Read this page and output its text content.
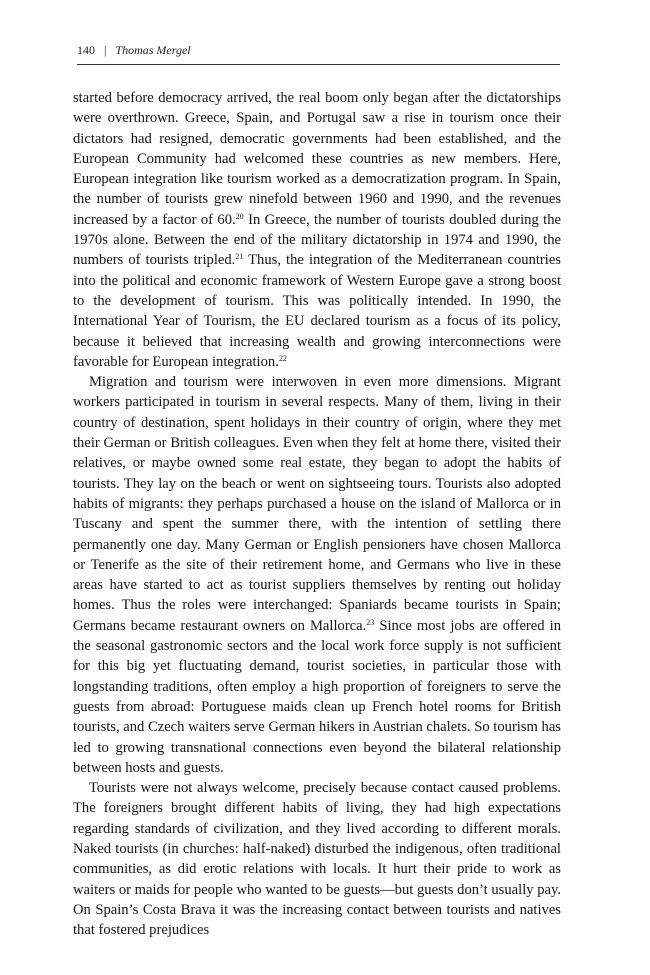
140 | Thomas Mergel

started before democracy arrived, the real boom only began after the dictatorships were overthrown. Greece, Spain, and Portugal saw a rise in tourism once their dictators had resigned, democratic governments had been established, and the European Community had welcomed these countries as new members. Here, European integration like tourism worked as a democratization program. In Spain, the number of tourists grew ninefold between 1960 and 1990, and the revenues increased by a factor of 60.20 In Greece, the number of tourists doubled during the 1970s alone. Between the end of the military dictatorship in 1974 and 1990, the numbers of tourists tripled.$^{21}$ Thus, the integration of the Mediterranean countries into the political and economic framework of Western Europe gave a strong boost to the development of tourism. This was politically intended. In 1990, the International Year of Tourism, the EU declared tourism as a focus of its policy, because it believed that increasing wealth and growing interconnections were favorable for European integration.$^{22}$

Migration and tourism were interwoven in even more dimensions. Migrant workers participated in tourism in several respects. Many of them, living in their country of destination, spent holidays in their country of origin, where they met their German or British colleagues. Even when they felt at home there, visited their relatives, or maybe owned some real estate, they began to adopt the habits of tourists. They lay on the beach or went on sightseeing tours. Tourists also adopted habits of migrants: they perhaps purchased a house on the island of Mallorca or in Tuscany and spent the summer there, with the intention of settling there permanently one day. Many German or English pensioners have chosen Mallorca or Tenerife as the site of their retirement home, and Germans who live in these areas have started to act as tourist suppliers themselves by renting out holiday homes. Thus the roles were interchanged: Spaniards became tourists in Spain; Germans became restaurant owners on Mallorca.$^{23}$ Since most jobs are offered in the seasonal gastronomic sectors and the local work force supply is not sufficient for this big yet fluctuating demand, tourist societies, in particular those with longstanding traditions, often employ a high proportion of foreigners to serve the guests from abroad: Portuguese maids clean up French hotel rooms for British tourists, and Czech waiters serve German hikers in Austrian chalets. So tourism has led to growing transnational connections even beyond the bilateral relationship between hosts and guests.

Tourists were not always welcome, precisely because contact caused problems. The foreigners brought different habits of living, they had high expectations regarding standards of civilization, and they lived according to different morals. Naked tourists (in churches: half-naked) disturbed the indigenous, often traditional communities, as did erotic relations with locals. It hurt their pride to work as waiters or maids for people who wanted to be guests—but guests don’t usually pay. On Spain’s Costa Brava it was the increasing contact between tourists and natives that fostered prejudices
